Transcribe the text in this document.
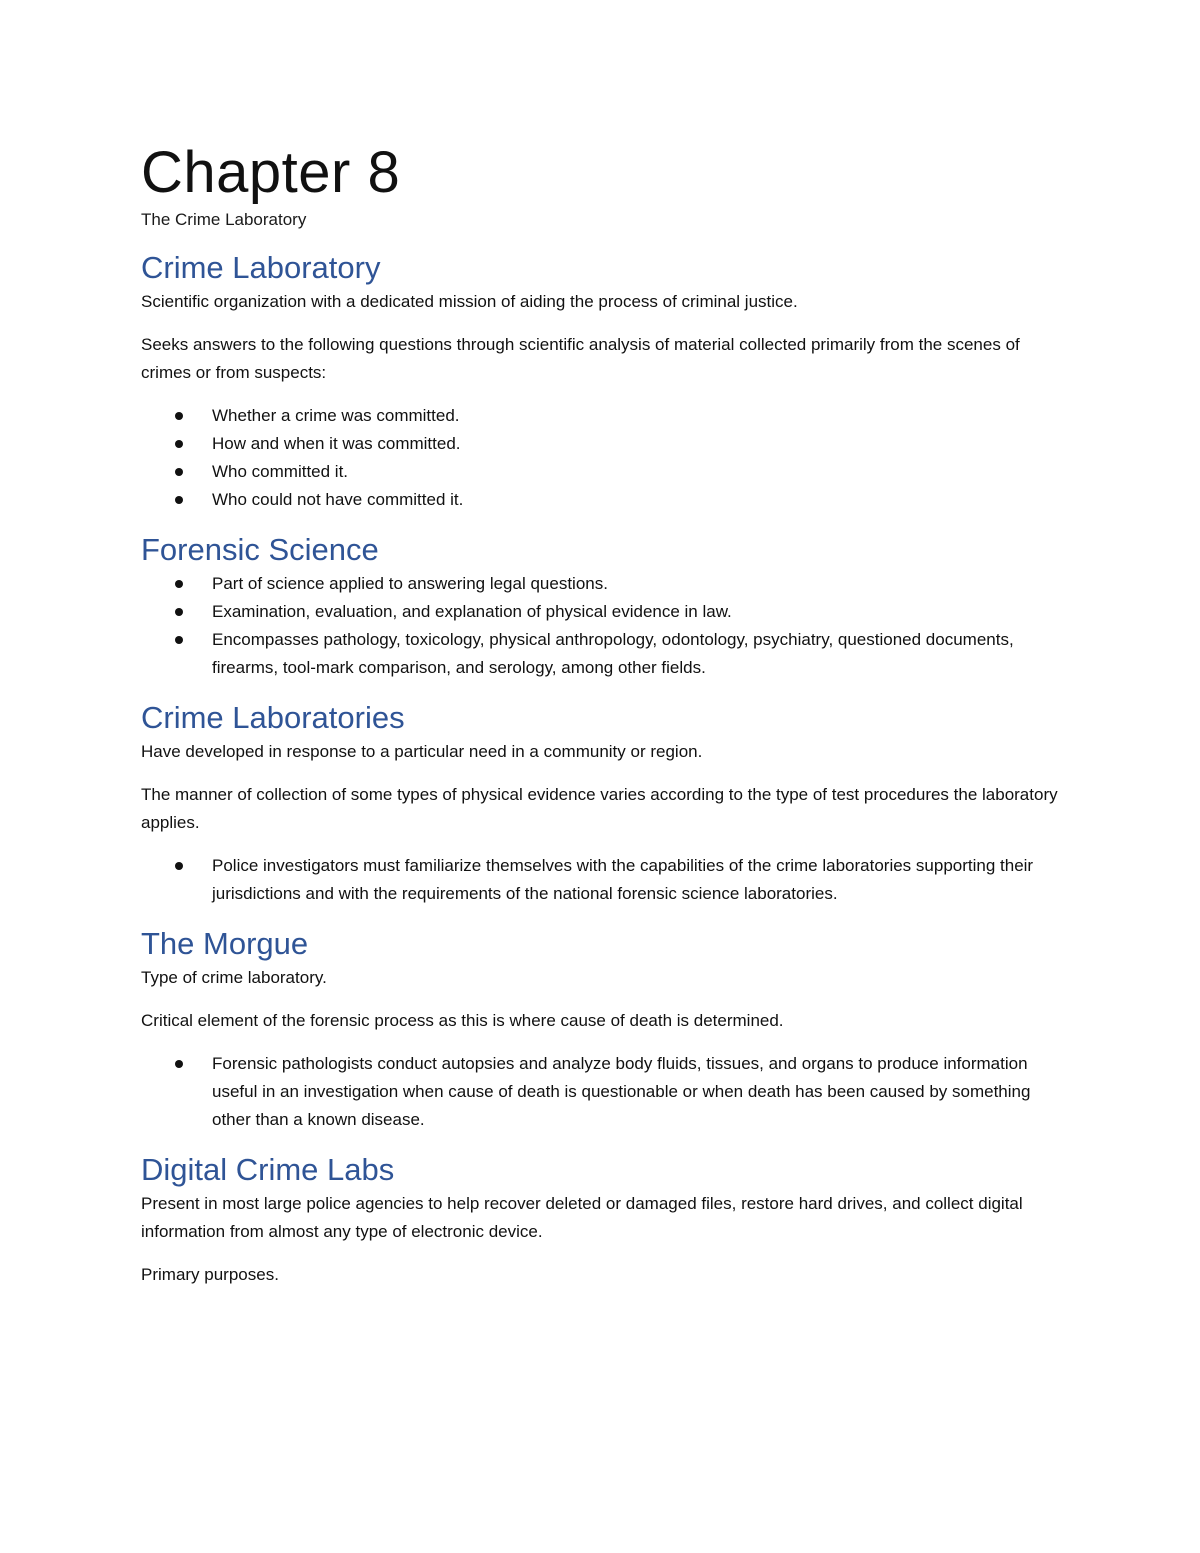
Chapter 8
The Crime Laboratory
Crime Laboratory

Scientific organization with a dedicated mission of aiding the process of criminal justice.

Seeks answers to the following questions through scientific analysis of material collected primarily from the scenes of crimes or from suspects:

Whether a crime was committed.
How and when it was committed.
Who committed it.
Who could not have committed it.
Forensic Science
Part of science applied to answering legal questions.
Examination, evaluation, and explanation of physical evidence in law.
Encompasses pathology, toxicology, physical anthropology, odontology, psychiatry, questioned documents, firearms, tool-mark comparison, and serology, among other fields.
Crime Laboratories

Have developed in response to a particular need in a community or region.

The manner of collection of some types of physical evidence varies according to the type of test procedures the laboratory applies.

Police investigators must familiarize themselves with the capabilities of the crime laboratories supporting their jurisdictions and with the requirements of the national forensic science laboratories.
The Morgue

Type of crime laboratory.

Critical element of the forensic process as this is where cause of death is determined.

Forensic pathologists conduct autopsies and analyze body fluids, tissues, and organs to produce information useful in an investigation when cause of death is questionable or when death has been caused by something other than a known disease.
Digital Crime Labs

Present in most large police agencies to help recover deleted or damaged files, restore hard drives, and collect digital information from almost any type of electronic device.

Primary purposes.
